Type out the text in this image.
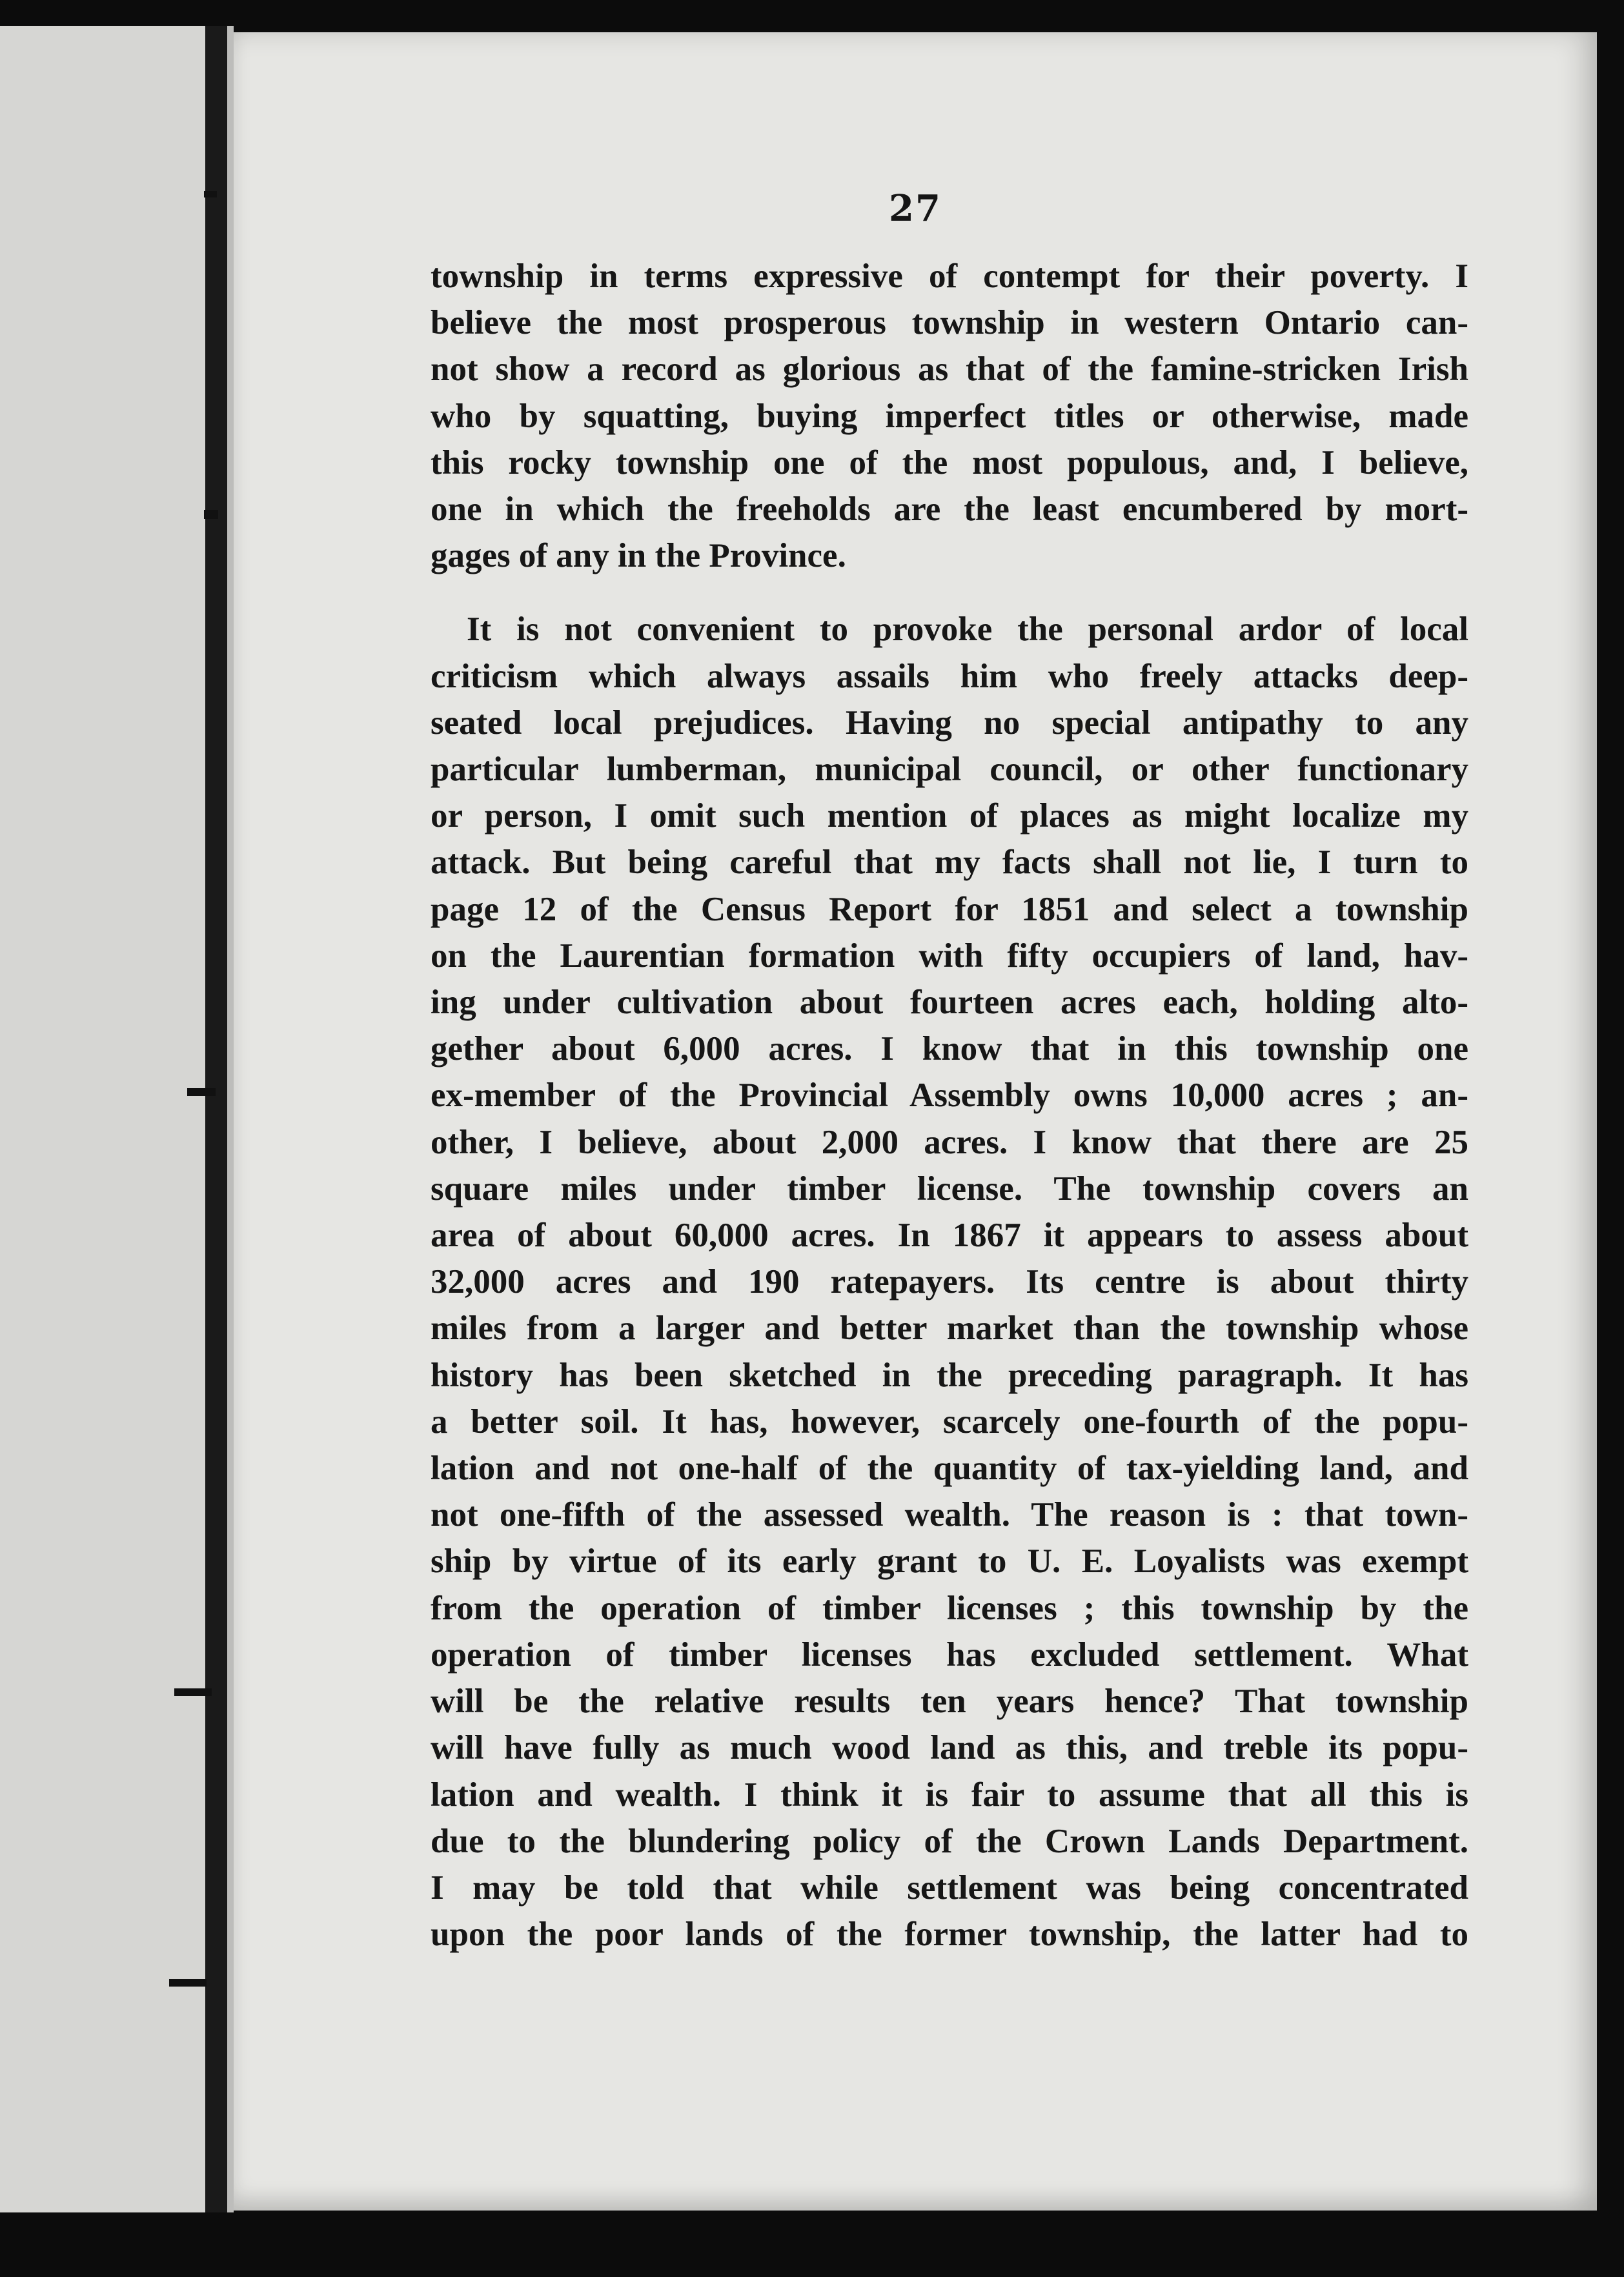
27
township in terms expressive of contempt for their poverty. I
believe the most prosperous township in western Ontario can-
not show a record as glorious as that of the famine-stricken Irish
who by squatting, buying imperfect titles or otherwise, made
this rocky township one of the most populous, and, I believe,
one in which the freeholds are the least encumbered by mort-
gages of any in the Province.
It is not convenient to provoke the personal ardor of local
criticism which always assails him who freely attacks deep-
seated local prejudices. Having no special antipathy to any
particular lumberman, municipal council, or other functionary
or person, I omit such mention of places as might localize my
attack. But being careful that my facts shall not lie, I turn to
page 12 of the Census Report for 1851 and select a township
on the Laurentian formation with fifty occupiers of land, hav-
ing under cultivation about fourteen acres each, holding alto-
gether about 6,000 acres. I know that in this township one
ex-member of the Provincial Assembly owns 10,000 acres ; an-
other, I believe, about 2,000 acres. I know that there are 25
square miles under timber license. The township covers an
area of about 60,000 acres. In 1867 it appears to assess about
32,000 acres and 190 ratepayers. Its centre is about thirty
miles from a larger and better market than the township whose
history has been sketched in the preceding paragraph. It has
a better soil. It has, however, scarcely one-fourth of the popu-
lation and not one-half of the quantity of tax-yielding land, and
not one-fifth of the assessed wealth. The reason is : that town-
ship by virtue of its early grant to U. E. Loyalists was exempt
from the operation of timber licenses ; this township by the
operation of timber licenses has excluded settlement. What
will be the relative results ten years hence? That township
will have fully as much wood land as this, and treble its popu-
lation and wealth. I think it is fair to assume that all this is
due to the blundering policy of the Crown Lands Department.
I may be told that while settlement was being concentrated
upon the poor lands of the former township, the latter had to
